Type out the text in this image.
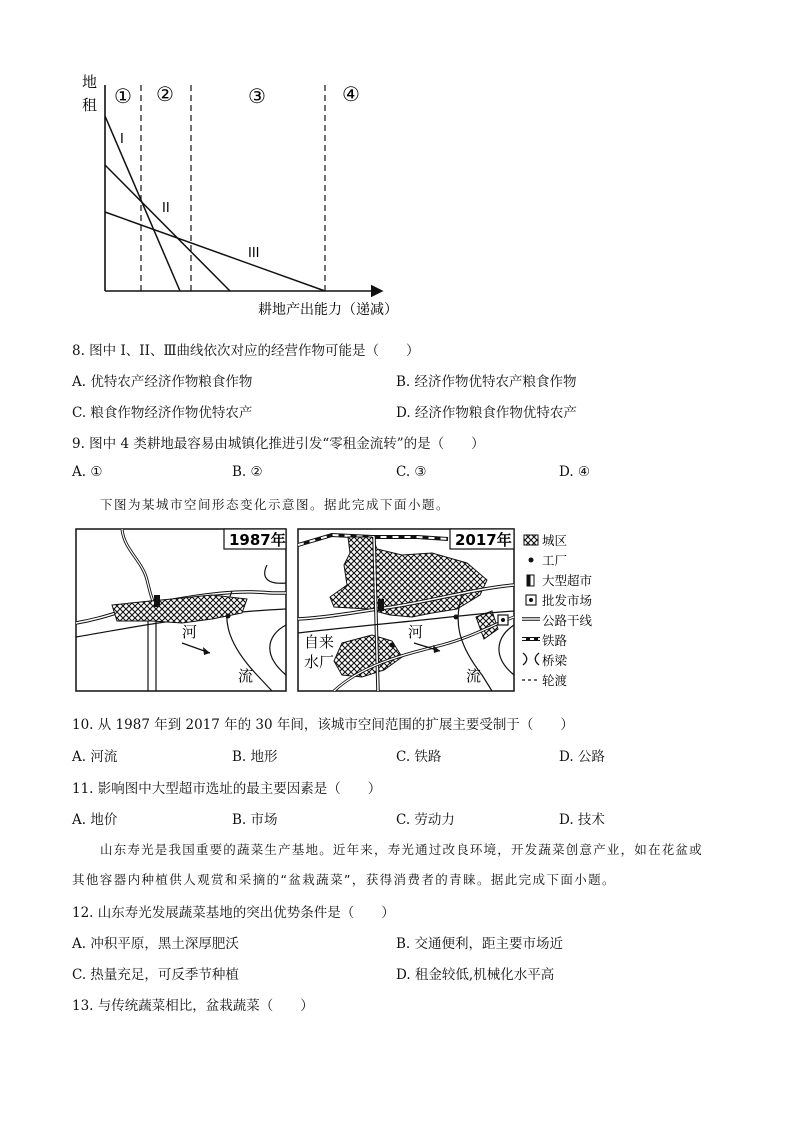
地
租 ① ②	③	④
I
II
III
耕地产出能力（递减）
8. 图中 I、II、Ⅲ曲线依次对应的经营作物可能是（　　）
A. 优特农产经济作物粮食作物	B. 经济作物优特农产粮食作物
C. 粮食作物经济作物优特农产	D. 经济作物粮食作物优特农产
9. 图中 4 类耕地最容易由城镇化推进引发“零租金流转”的是（　　）
A. ①	B. ②	C. ③	D. ④
下图为某城市空间形态变化示意图。据此完成下面小题。
1987年
河
流
2017年
河
流
自来
水厂
城区
工厂
大型超市
批发市场
公路干线
铁路
桥梁
轮渡
10. 从 1987 年到 2017 年的 30 年间，该城市空间范围的扩展主要受制于（　　）
A. 河流	B. 地形	C. 铁路	D. 公路
11. 影响图中大型超市选址的最主要因素是（　　）
A. 地价	B. 市场	C. 劳动力	D. 技术
山东寿光是我国重要的蔬菜生产基地。近年来，寿光通过改良环境，开发蔬菜创意产业，如在花盆或
其他容器内种植供人观赏和采摘的“盆栽蔬菜”，获得消费者的青睐。据此完成下面小题。
12. 山东寿光发展蔬菜基地的突出优势条件是（　　）
A. 冲积平原，黑土深厚肥沃	B. 交通便利，距主要市场近
C. 热量充足，可反季节种植	D. 租金较低,机械化水平高
13. 与传统蔬菜相比，盆栽蔬菜（　　）
